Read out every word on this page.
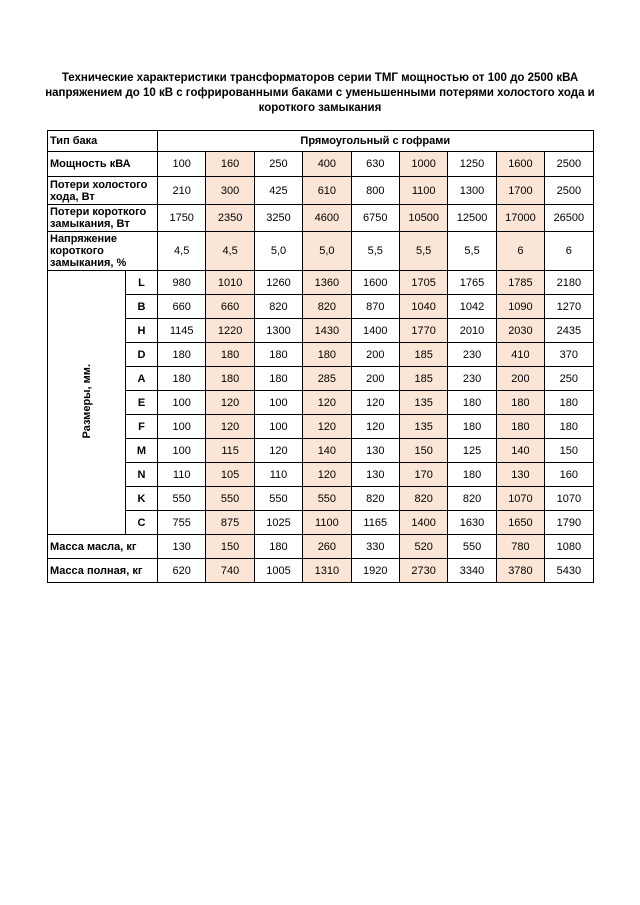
Технические характеристики трансформаторов серии ТМГ мощностью от 100 до 2500 кВА напряжением до 10 кВ с гофрированными баками с уменьшенными потерями холостого хода и короткого замыкания
Тип бака		Прямоугольный с гофрами								
Мощность кВА		100	160	250	400	630	1000	1250	1600	2500
Потери холостого хода, Вт		210	300	425	610	800	1100	1300	1700	2500
Потери короткого замыкания, Вт		1750	2350	3250	4600	6750	10500	12500	17000	26500
Напряжение короткого замыкания, %		4,5	4,5	5,0	5,0	5,5	5,5	5,5	6	6
Размеры, мм.	L	980	1010	1260	1360	1600	1705	1765	1785	2180
	B	660	660	820	820	870	1040	1042	1090	1270
	H	1145	1220	1300	1430	1400	1770	2010	2030	2435
	D	180	180	180	180	200	185	230	410	370
	A	180	180	180	285	200	185	230	200	250
	E	100	120	100	120	120	135	180	180	180
	F	100	120	100	120	120	135	180	180	180
	M	100	115	120	140	130	150	125	140	150
	N	110	105	110	120	130	170	180	130	160
	K	550	550	550	550	820	820	820	1070	1070
	C	755	875	1025	1100	1165	1400	1630	1650	1790
Масса масла, кг		130	150	180	260	330	520	550	780	1080
Масса полная, кг		620	740	1005	1310	1920	2730	3340	3780	5430
